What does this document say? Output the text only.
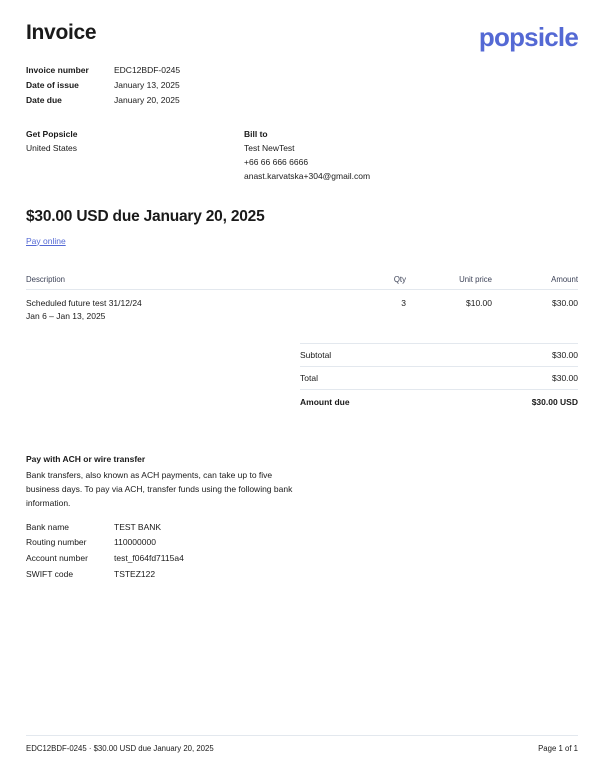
Invoice	popsicle
Invoice number	EDC12BDF-0245
Date of issue	January 13, 2025
Date due	January 20, 2025
Get Popsicle
United States
Bill to
Test NewTest
+66 66 666 6666
anast.karvatska+304@gmail.com
$30.00 USD due January 20, 2025
Pay online
Description	Qty	Unit price	Amount
Scheduled future test 31/12/24
Jan 6 – Jan 13, 2025	3	$10.00	$30.00
Subtotal	$30.00
Total	$30.00
Amount due	$30.00 USD
Pay with ACH or wire transfer
Bank transfers, also known as ACH payments, can take up to five business days. To pay via ACH, transfer funds using the following bank information.
Bank name	TEST BANK
Routing number	110000000
Account number	test_f064fd7115a4
SWIFT code	TSTEZ122
EDC12BDF-0245 · $30.00 USD due January 20, 2025	Page 1 of 1
